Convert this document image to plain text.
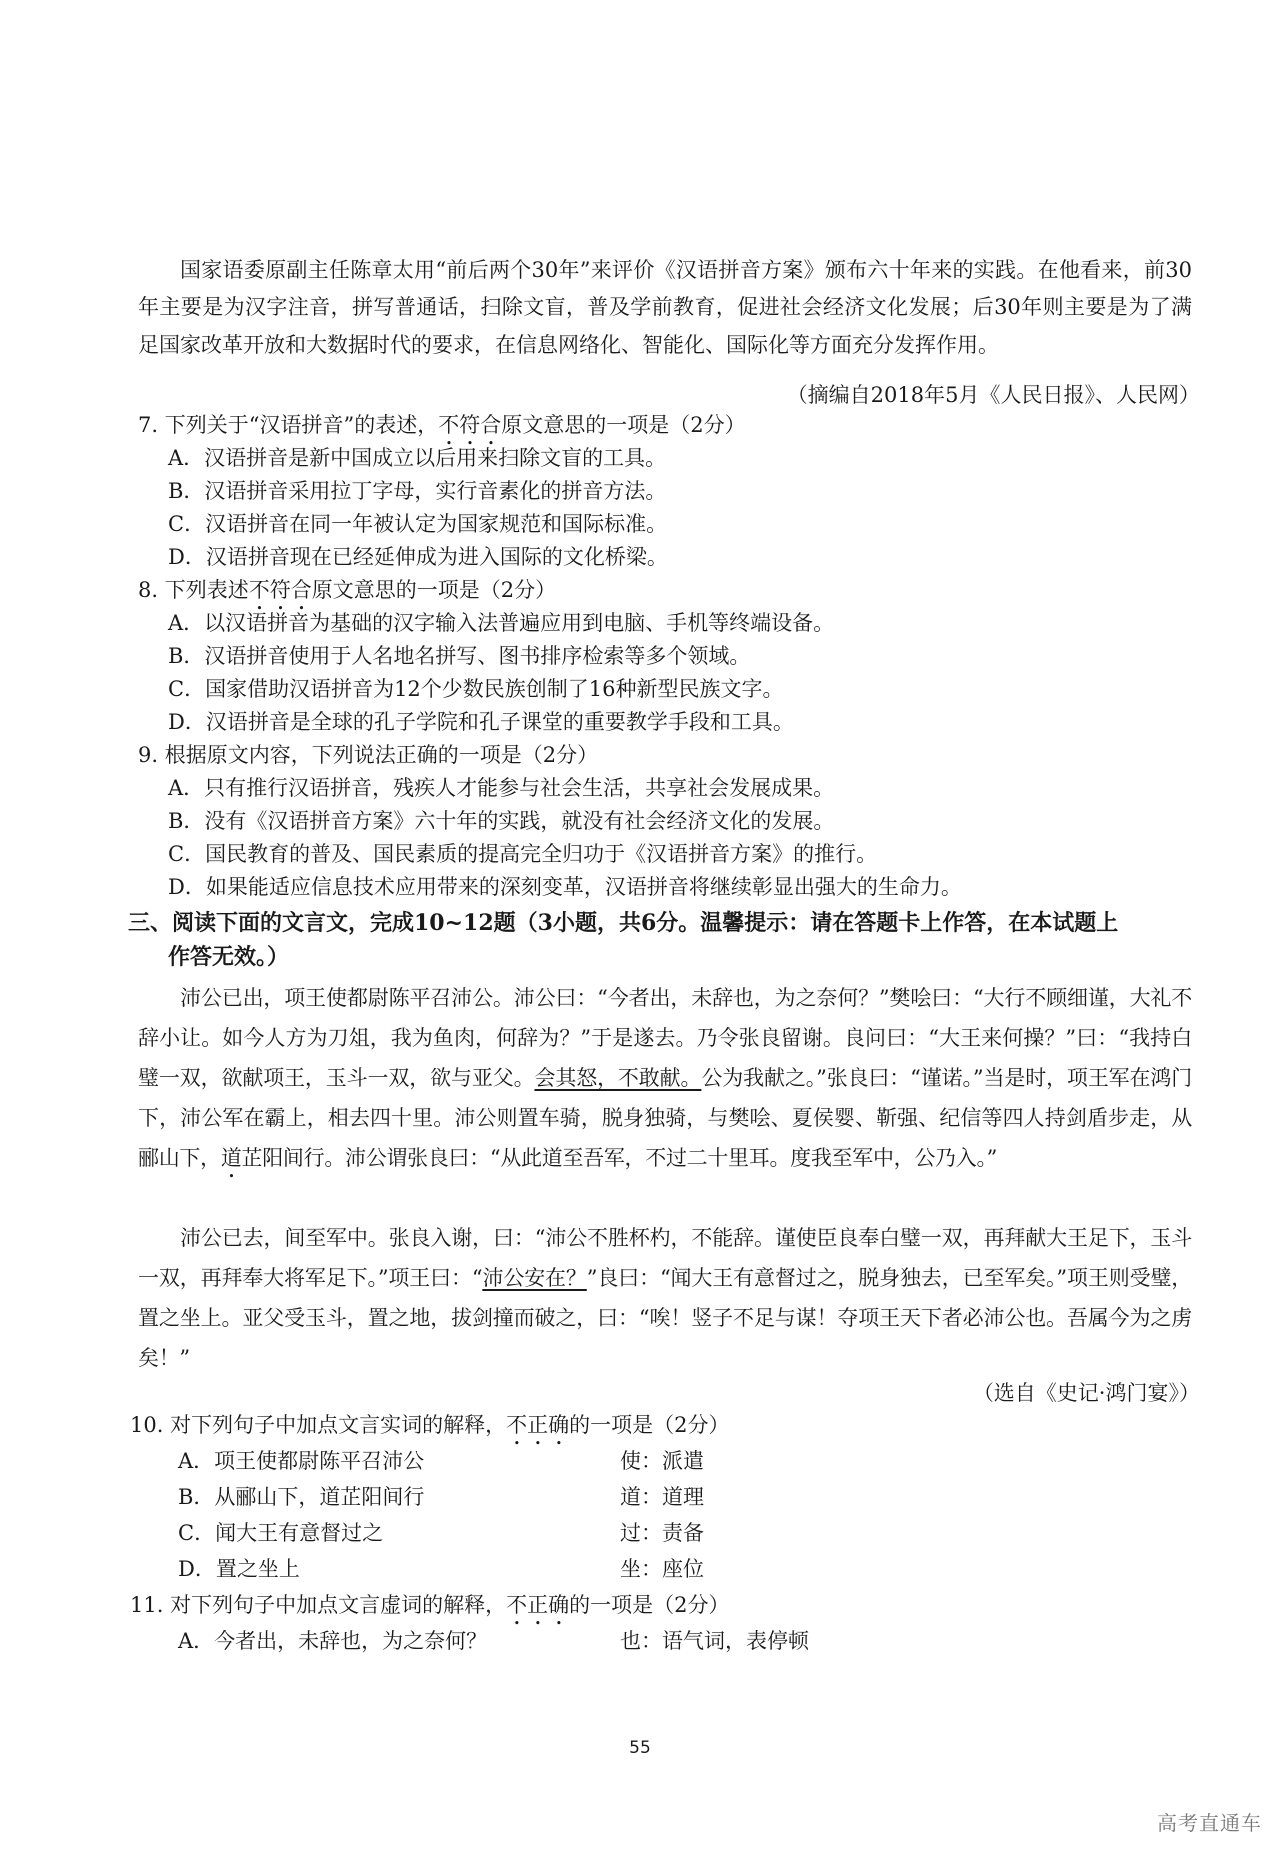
国家语委原副主任陈章太用“前后两个30年”来评价《汉语拼音方案》颁布六十年来的实践。在他看来，前30年主要是为汉字注音，拼写普通话，扫除文盲，普及学前教育，促进社会经济文化发展；后30年则主要是为了满足国家改革开放和大数据时代的要求，在信息网络化、智能化、国际化等方面充分发挥作用。

（摘编自2018年5月《人民日报》、人民网）
7. 下列关于“汉语拼音”的表述，不符合原文意思的一项是（2分）
A．汉语拼音是新中国成立以后用来扫除文盲的工具。
B．汉语拼音采用拉丁字母，实行音素化的拼音方法。
C．汉语拼音在同一年被认定为国家规范和国际标准。
D．汉语拼音现在已经延伸成为进入国际的文化桥梁。
8. 下列表述不符合原文意思的一项是（2分）
A．以汉语拼音为基础的汉字输入法普遍应用到电脑、手机等终端设备。
B．汉语拼音使用于人名地名拼写、图书排序检索等多个领域。
C．国家借助汉语拼音为12个少数民族创制了16种新型民族文字。
D．汉语拼音是全球的孔子学院和孔子课堂的重要教学手段和工具。
9. 根据原文内容，下列说法正确的一项是（2分）
A．只有推行汉语拼音，残疾人才能参与社会生活，共享社会发展成果。
B．没有《汉语拼音方案》六十年的实践，就没有社会经济文化的发展。
C．国民教育的普及、国民素质的提高完全归功于《汉语拼音方案》的推行。
D．如果能适应信息技术应用带来的深刻变革，汉语拼音将继续彰显出强大的生命力。

三、阅读下面的文言文，完成10~12题（3小题，共6分。温馨提示：请在答题卡上作答，在本试题上
作答无效。）

沛公已出，项王使都尉陈平召沛公。沛公曰：“今者出，未辞也，为之奈何？”樊哙曰：“大行不顾细谨，大礼不辞小让。如今人方为刀俎，我为鱼肉，何辞为？”于是遂去。乃令张良留谢。良问曰：“大王来何操？”曰：“我持白璧一双，欲献项王，玉斗一双，欲与亚父。会其怒，不敢献。公为我献之。”张良曰：“谨诺。”当是时，项王军在鸿门下，沛公军在霸上，相去四十里。沛公则置车骑，脱身独骑，与樊哙、夏侯婴、靳强、纪信等四人持剑盾步走，从郦山下，道芷阳间行。沛公谓张良曰：“从此道至吾军，不过二十里耳。度我至军中，公乃入。”

沛公已去，间至军中。张良入谢，曰：“沛公不胜杯杓，不能辞。谨使臣良奉白璧一双，再拜献大王足下，玉斗一双，再拜奉大将军足下。”项王曰：“沛公安在？”良曰：“闻大王有意督过之，脱身独去，已至军矣。”项王则受璧，置之坐上。亚父受玉斗，置之地，拔剑撞而破之，曰：“唉！竖子不足与谋！夺项王天下者必沛公也。吾属今为之虏矣！”

（选自《史记·鸿门宴》）
10. 对下列句子中加点文言实词的解释，不正确的一项是（2分）
A．项王使都尉陈平召沛公	使：派遣
B．从郦山下，道芷阳间行	道：道理
C．闻大王有意督过之	过：责备
D．置之坐上	坐：座位
11. 对下列句子中加点文言虚词的解释，不正确的一项是（2分）
A．今者出，未辞也，为之奈何？	也：语气词，表停顿
55
高考直通车
